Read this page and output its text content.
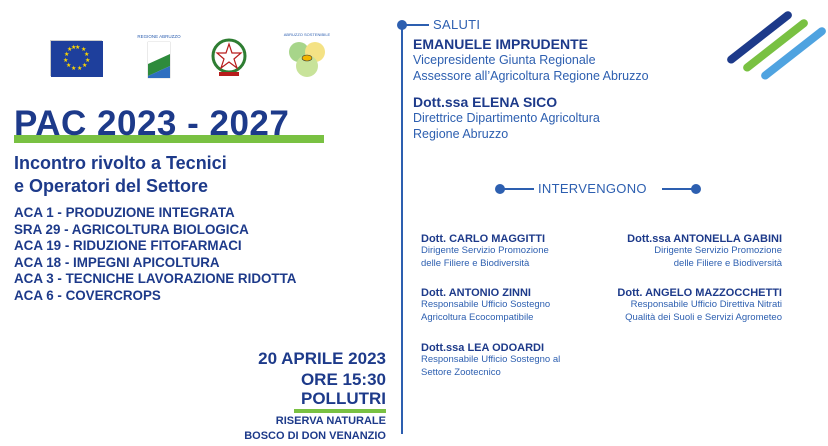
★ ★
★
★
★
★
★
★
★
★
★
★
REGIONE ABRUZZO	ABRUZZO SOSTENIBILE
PAC 2023 - 2027
Incontro rivolto a Tecnici
e Operatori del Settore
ACA 1 - PRODUZIONE INTEGRATA
SRA 29 - AGRICOLTURA BIOLOGICA
ACA 19 - RIDUZIONE FITOFARMACI
ACA 18 - IMPEGNI APICOLTURA
ACA 3 - TECNICHE LAVORAZIONE RIDOTTA
ACA 6 - COVERCROPS
20 APRILE 2023
ORE 15:30
POLLUTRI
RISERVA NATURALE
BOSCO DI DON VENANZIO
SALUTI
EMANUELE IMPRUDENTE
Vicepresidente Giunta Regionale
Assessore all’Agricoltura Regione Abruzzo
Dott.ssa ELENA SICO
Direttrice Dipartimento Agricoltura
Regione Abruzzo
INTERVENGONO
Dott. CARLO MAGGITTI
Dirigente Servizio Promozione
delle Filiere e Biodiversità
Dott. ANTONIO ZINNI
Responsabile Ufficio Sostegno
Agricoltura Ecocompatibile
Dott.ssa LEA ODOARDI
Responsabile Ufficio Sostegno al
Settore Zootecnico
Dott.ssa ANTONELLA GABINI
Dirigente Servizio Promozione
delle Filiere e Biodiversità
Dott. ANGELO MAZZOCCHETTI
Responsabile Ufficio Direttiva Nitrati
Qualità dei Suoli e Servizi Agrometeo
